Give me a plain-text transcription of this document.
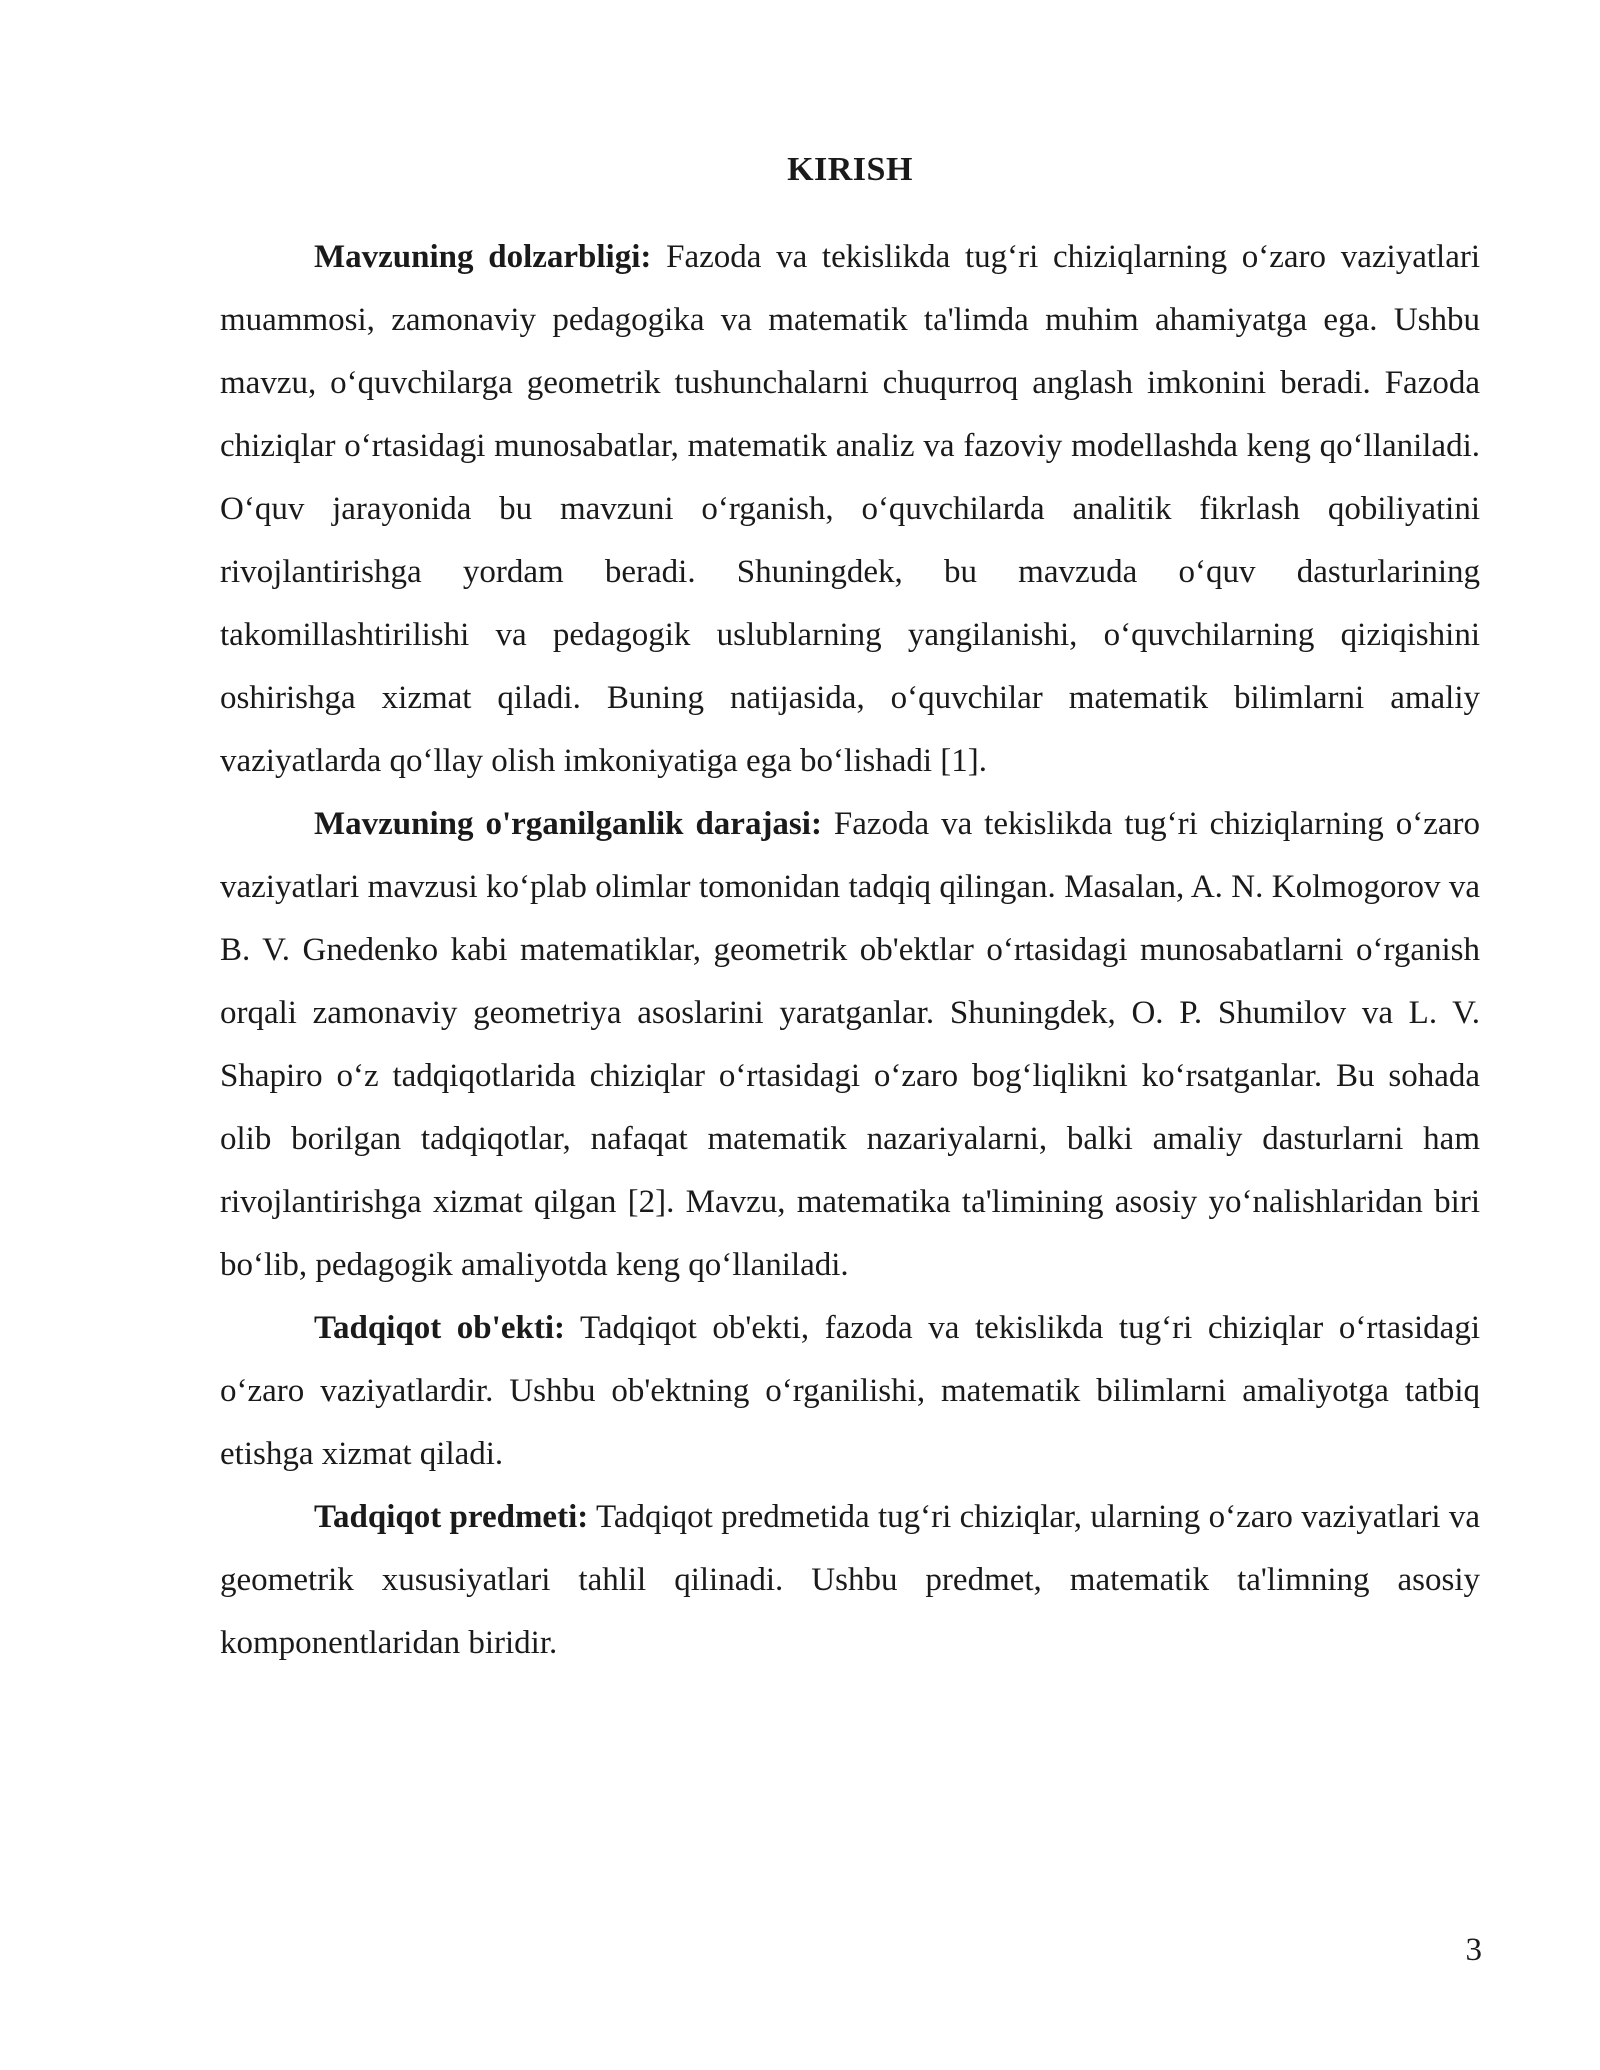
KIRISH

Mavzuning dolzarbligi: Fazoda va tekislikda tug‘ri chiziqlarning o‘zaro vaziyatlari muammosi, zamonaviy pedagogika va matematik ta'limda muhim ahamiyatga ega. Ushbu mavzu, o‘quvchilarga geometrik tushunchalarni chuqurroq anglash imkonini beradi. Fazoda chiziqlar o‘rtasidagi munosabatlar, matematik analiz va fazoviy modellashda keng qo‘llaniladi. O‘quv jarayonida bu mavzuni o‘rganish, o‘quvchilarda analitik fikrlash qobiliyatini rivojlantirishga yordam beradi. Shuningdek, bu mavzuda o‘quv dasturlarining takomillashtirilishi va pedagogik uslublarning yangilanishi, o‘quvchilarning qiziqishini oshirishga xizmat qiladi. Buning natijasida, o‘quvchilar matematik bilimlarni amaliy vaziyatlarda qo‘llay olish imkoniyatiga ega bo‘lishadi [1].

Mavzuning o'rganilganlik darajasi: Fazoda va tekislikda tug‘ri chiziqlarning o‘zaro vaziyatlari mavzusi ko‘plab olimlar tomonidan tadqiq qilingan. Masalan, A. N. Kolmogorov va B. V. Gnedenko kabi matematiklar, geometrik ob'ektlar o‘rtasidagi munosabatlarni o‘rganish orqali zamonaviy geometriya asoslarini yaratganlar. Shuningdek, O. P. Shumilov va L. V. Shapiro o‘z tadqiqotlarida chiziqlar o‘rtasidagi o‘zaro bog‘liqlikni ko‘rsatganlar. Bu sohada olib borilgan tadqiqotlar, nafaqat matematik nazariyalarni, balki amaliy dasturlarni ham rivojlantirishga xizmat qilgan [2]. Mavzu, matematika ta'limining asosiy yo‘nalishlaridan biri bo‘lib, pedagogik amaliyotda keng qo‘llaniladi.

Tadqiqot ob'ekti: Tadqiqot ob'ekti, fazoda va tekislikda tug‘ri chiziqlar o‘rtasidagi o‘zaro vaziyatlardir. Ushbu ob'ektning o‘rganilishi, matematik bilimlarni amaliyotga tatbiq etishga xizmat qiladi.

Tadqiqot predmeti: Tadqiqot predmetida tug‘ri chiziqlar, ularning o‘zaro vaziyatlari va geometrik xususiyatlari tahlil qilinadi. Ushbu predmet, matematik ta'limning asosiy komponentlaridan biridir.

3
